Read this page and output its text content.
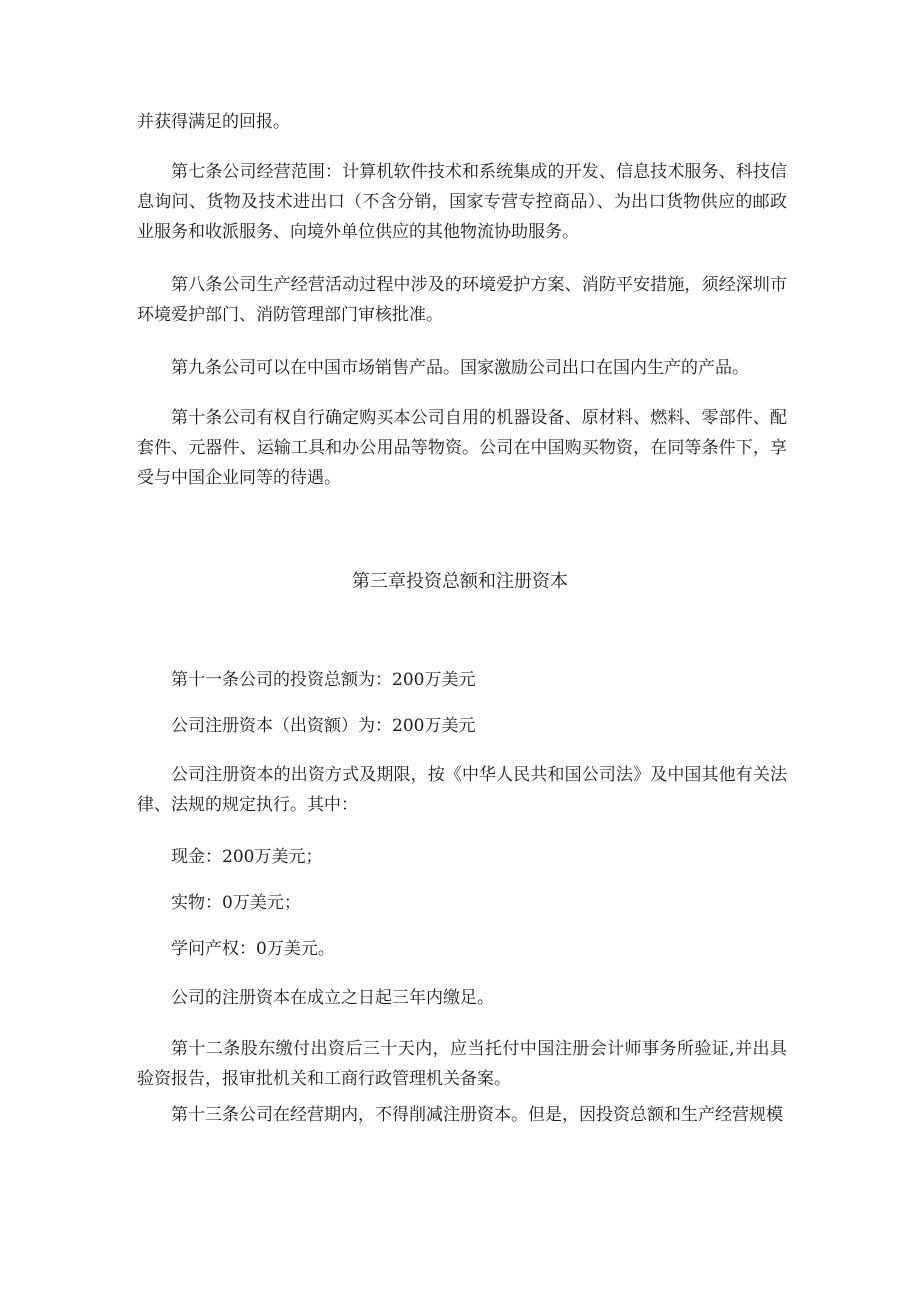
并获得满足的回报。

第七条公司经营范围：计算机软件技术和系统集成的开发、信息技术服务、科技信息询问、货物及技术进出口（不含分销，国家专营专控商品）、为出口货物供应的邮政业服务和收派服务、向境外单位供应的其他物流协助服务。

第八条公司生产经营活动过程中涉及的环境爱护方案、消防平安措施，须经深圳市环境爱护部门、消防管理部门审核批准。

第九条公司可以在中国市场销售产品。国家激励公司出口在国内生产的产品。

第十条公司有权自行确定购买本公司自用的机器设备、原材料、燃料、零部件、配套件、元器件、运输工具和办公用品等物资。公司在中国购买物资，在同等条件下，享受与中国企业同等的待遇。

第三章投资总额和注册资本

第十一条公司的投资总额为：200万美元

公司注册资本（出资额）为：200万美元

公司注册资本的出资方式及期限，按《中华人民共和国公司法》及中国其他有关法律、法规的规定执行。其中：

现金：200万美元；

实物：0万美元；

学问产权：0万美元。

公司的注册资本在成立之日起三年内缴足。

第十二条股东缴付出资后三十天内，应当托付中国注册会计师事务所验证,并出具验资报告，报审批机关和工商行政管理机关备案。

第十三条公司在经营期内，不得削减注册资本。但是，因投资总额和生产经营规模
